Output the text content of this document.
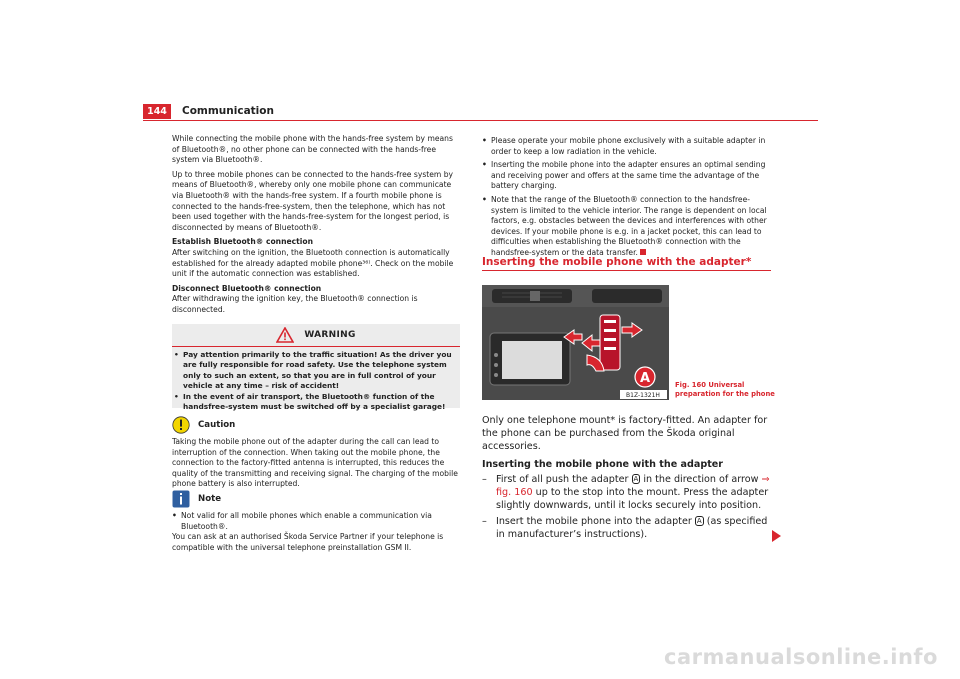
144	Communication

While connecting the mobile phone with the hands-free system by means of Bluetooth®, no other phone can be connected with the hands-free system via Bluetooth®.

Up to three mobile phones can be connected to the hands-free system by means of Bluetooth®, whereby only one mobile phone can communicate via Bluetooth® with the hands-free system. If a fourth mobile phone is connected to the hands-free-system, then the telephone, which has not been used together with the hands-free-system for the longest period, is disconnected by means of Bluetooth®.

Establish Bluetooth® connection

After switching on the ignition, the Bluetooth connection is automatically established for the already adapted mobile phone³⁶⁾. Check on the mobile unit if the automatic connection was established.

Disconnect Bluetooth® connection

After withdrawing the ignition key, the Bluetooth® connection is disconnected.

WARNING
• Pay attention primarily to the traffic situation! As the driver you are fully responsible for road safety. Use the telephone system only to such an extent, so that you are in full control of your vehicle at any time – risk of accident!
• In the event of air transport, the Bluetooth® function of the handsfree-system must be switched off by a specialist garage!
Caution

Taking the mobile phone out of the adapter during the call can lead to interruption of the connection. When taking out the mobile phone, the connection to the factory-fitted antenna is interrupted, this reduces the quality of the transmitting and receiving signal. The charging of the mobile phone battery is also interrupted.

Note
• Not valid for all mobile phones which enable a communication via Bluetooth®.
You can ask at an authorised Škoda Service Partner if your telephone is compatible with the universal telephone preinstallation GSM II.
• Please operate your mobile phone exclusively with a suitable adapter in order to keep a low radiation in the vehicle.
• Inserting the mobile phone into the adapter ensures an optimal sending and receiving power and offers at the same time the advantage of the battery charging.
• Note that the range of the Bluetooth® connection to the handsfree-system is limited to the vehicle interior. The range is dependent on local factors, e.g. obstacles between the devices and interferences with other devices. If your mobile phone is e.g. in a jacket pocket, this can lead to difficulties when establishing the Bluetooth® connection with the handsfree-system or the data transfer.
Inserting the mobile phone with the adapter*
A
B1Z-1321H
Fig. 160 Universal preparation for the phone
Only one telephone mount* is factory-fitted. An adapter for the phone can be purchased from the Škoda original accessories.
Inserting the mobile phone with the adapter
– First of all push the adapter A in the direction of arrow ⇒ fig. 160 up to the stop into the mount. Press the adapter slightly downwards, until it locks securely into position.
– Insert the mobile phone into the adapter A (as specified in manufacturer’s instructions).
carmanualsonline.info
